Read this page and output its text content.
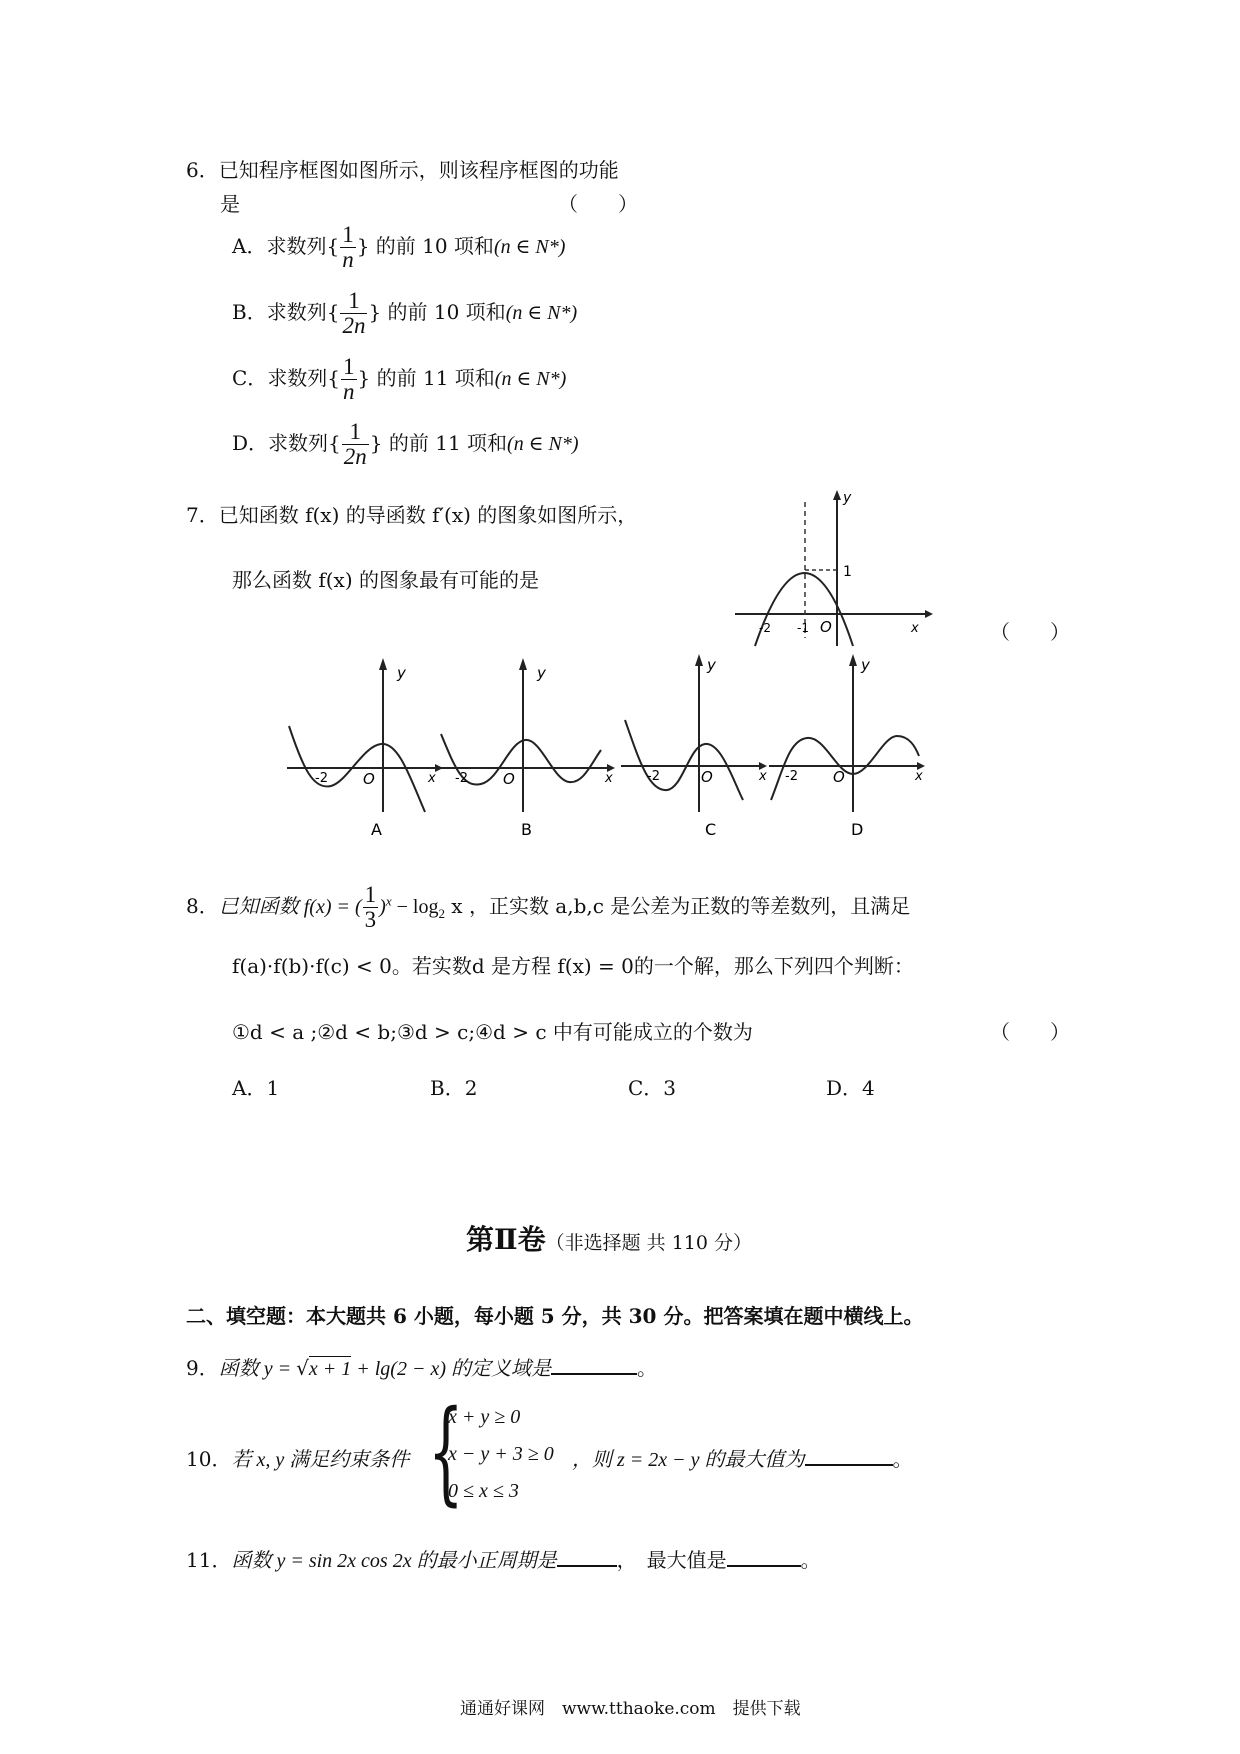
6．已知程序框图如图所示，则该程序框图的功能
是	（　　）
A．求数列{ $\frac{1}{n}$ } 的前 10 项和(n ∈ N*)
B．求数列{ $\frac{1}{2n}$ } 的前 10 项和(n ∈ N*)
C．求数列{ $\frac{1}{n}$ } 的前 11 项和(n ∈ N*)
D．求数列{ $\frac{1}{2n}$ } 的前 11 项和(n ∈ N*)
7．已知函数 f(x) 的导函数 f′(x) 的图象如图所示，
那么函数 f(x) 的图象最有可能的是
（　　）
y
x
1
-2 -1 O
y
x
-2 O
A
y
x
-2 O
B
y
x
-2	O
C
y
x
-2 O
D
8．已知函数 f(x) = ( $\frac{1}{3} )^x - \log_2 x$ ，正实数 a,b,c 是公差为正数的等差数列，且满足
f(a)·f(b)·f(c) < 0。若实数d 是方程 f(x) = 0的一个解，那么下列四个判断：
①d < a ;②d < b;③d > c;④d > c 中有可能成立的个数为	（　　）
A．1	B．2	C．3	D．4
第Ⅱ卷（非选择题 共 110 分）
二、填空题：本大题共 6 小题，每小题 5 分，共 30 分。把答案填在题中横线上。
9．函数 y = √x + 1 + lg(2 − x) 的定义域是	。
10．若 x, y 满足约束条件 {
x + y ≥ 0
x − y + 3 ≥ 0
0 ≤ x ≤ 3
，则 z = 2x − y 的最大值为	。
11．函数 y = sin 2x cos 2x 的最小正周期是	，　最大值是	。
通通好课网　www.tthaoke.com　提供下载
